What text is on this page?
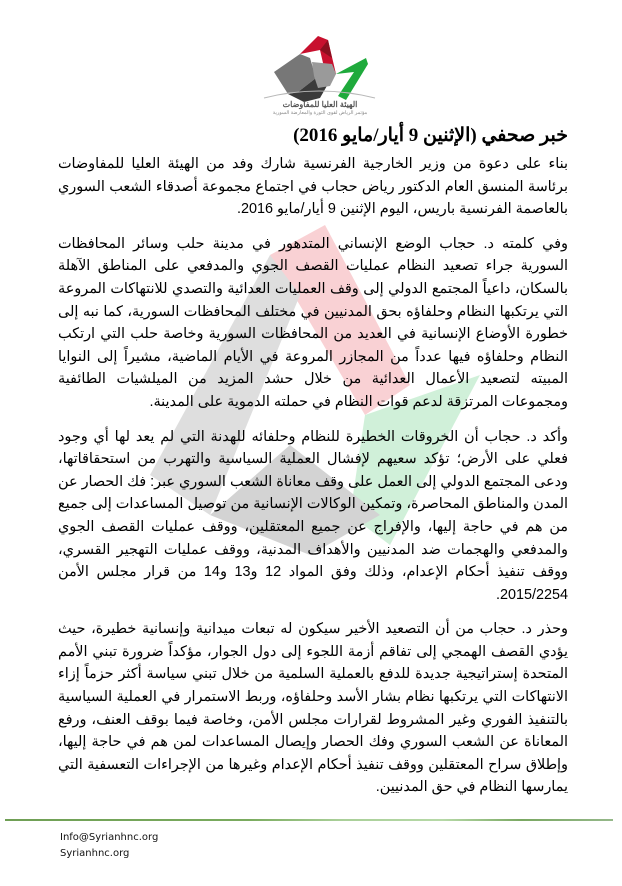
الهيئة العليا للمفاوضات
مؤتمر الرياض لقوى الثورة والمعارضة السورية
خبر صحفي (الإثنين 9 أيار/مايو 2016)

بناء على دعوة من وزير الخارجية الفرنسية شارك وفد من الهيئة العليا للمفاوضات برئاسة المنسق العام الدكتور رياض حجاب في اجتماع مجموعة أصدقاء الشعب السوري بالعاصمة الفرنسية باريس، اليوم الإثنين 9 أيار/مايو 2016.

وفي كلمته د. حجاب الوضع الإنساني المتدهور في مدينة حلب وسائر المحافظات السورية جراء تصعيد النظام عمليات القصف الجوي والمدفعي على المناطق الآهلة بالسكان، داعياً المجتمع الدولي إلى وقف العمليات العدائية والتصدي للانتهاكات المروعة التي يرتكبها النظام وحلفاؤه بحق المدنيين في مختلف المحافظات السورية، كما نبه إلى خطورة الأوضاع الإنسانية في العديد من المحافظات السورية وخاصة حلب التي ارتكب النظام وحلفاؤه فيها عدداً من المجازر المروعة في الأيام الماضية، مشيراً إلى النوايا المبيته لتصعيد الأعمال العدائية من خلال حشد المزيد من الميلشيات الطائفية ومجموعات المرتزقة لدعم قوات النظام في حملته الدموية على المدينة.

وأكد د. حجاب أن الخروقات الخطيرة للنظام وحلفائه للهدنة التي لم يعد لها أي وجود فعلي على الأرض؛ تؤكد سعيهم لإفشال العملية السياسية والتهرب من استحقاقاتها، ودعى المجتمع الدولي إلى العمل على وقف معاناة الشعب السوري عبر: فك الحصار عن المدن والمناطق المحاصرة، وتمكين الوكالات الإنسانية من توصيل المساعدات إلى جميع من هم في حاجة إليها، والإفراج عن جميع المعتقلين، ووقف عمليات القصف الجوي والمدفعي والهجمات ضد المدنيين والأهداف المدنية، ووقف عمليات التهجير القسري، ووقف تنفيذ أحكام الإعدام، وذلك وفق المواد 12 و13 و14 من قرار مجلس الأمن 2015/2254.

وحذر د. حجاب من أن التصعيد الأخير سيكون له تبعات ميدانية وإنسانية خطيرة، حيث يؤدي القصف الهمجي إلى تفاقم أزمة اللجوء إلى دول الجوار، مؤكداً ضرورة تبني الأمم المتحدة إستراتيجية جديدة للدفع بالعملية السلمية من خلال تبني سياسة أكثر حزماً إزاء الانتهاكات التي يرتكبها نظام بشار الأسد وحلفاؤه، وربط الاستمرار في العملية السياسية بالتنفيذ الفوري وغير المشروط لقرارات مجلس الأمن، وخاصة فيما بوقف العنف، ورفع المعاناة عن الشعب السوري وفك الحصار وإيصال المساعدات لمن هم في حاجة إليها، وإطلاق سراح المعتقلين ووقف تنفيذ أحكام الإعدام وغيرها من الإجراءات التعسفية التي يمارسها النظام في حق المدنيين.

Info@Syrianhnc.org
Syrianhnc.org
